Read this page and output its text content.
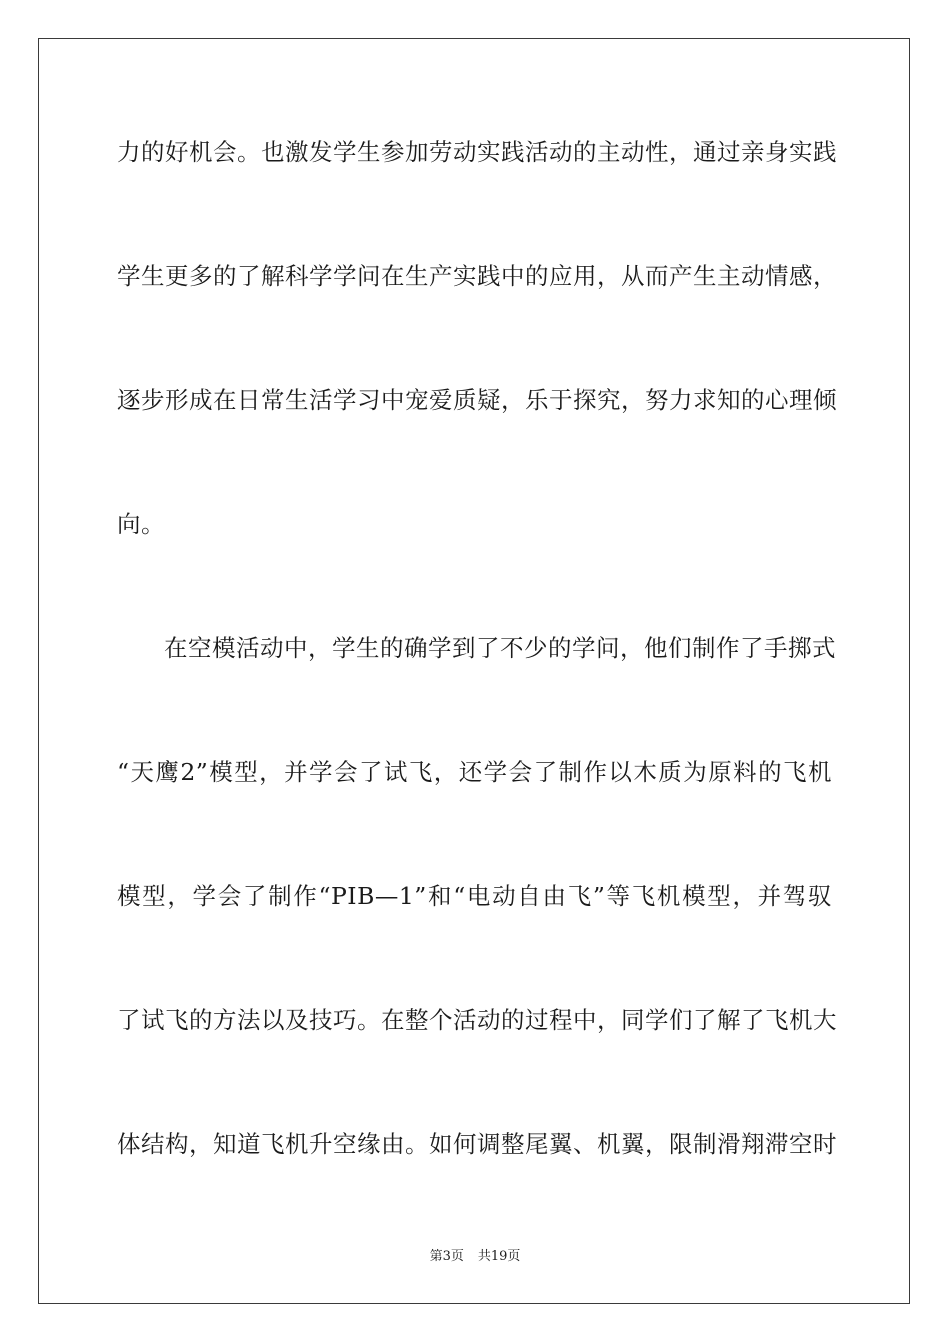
力的好机会。也激发学生参加劳动实践活动的主动性，通过亲身实践
学生更多的了解科学学问在生产实践中的应用，从而产生主动情感，
逐步形成在日常生活学习中宠爱质疑，乐于探究，努力求知的心理倾
向。
在空模活动中，学生的确学到了不少的学问，他们制作了手掷式
“天鹰2”模型，并学会了试飞，还学会了制作以木质为原料的飞机
模型，学会了制作“PIB—1”和“电动自由飞”等飞机模型，并驾驭
了试飞的方法以及技巧。在整个活动的过程中，同学们了解了飞机大
体结构，知道飞机升空缘由。如何调整尾翼、机翼，限制滑翔滞空时
第3页 共19页
